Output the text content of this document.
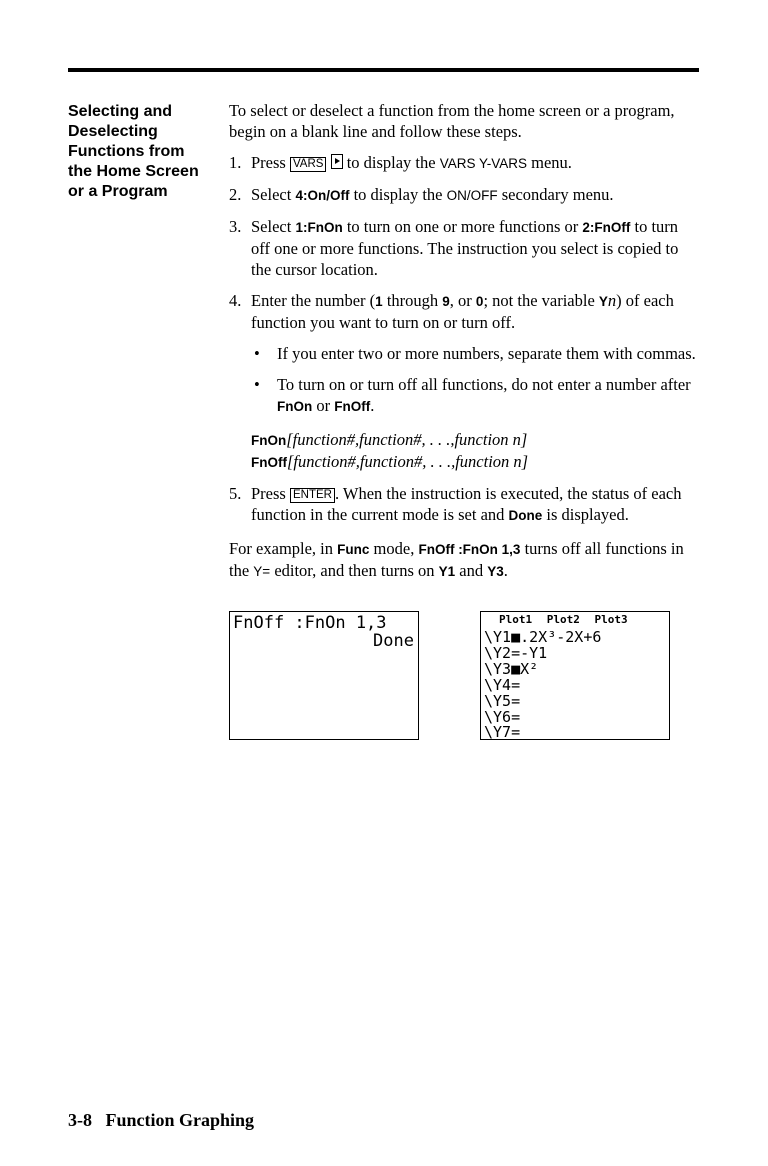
Selecting and
Deselecting
Functions from
the Home Screen
or a Program

To select or deselect a function from the home screen or a program, begin on a blank line and follow these steps.

1. Press VARS to display the VARS Y-VARS menu.

2. Select 4:On/Off to display the ON/OFF secondary menu.

3. Select 1:FnOn to turn on one or more functions or 2:FnOff to turn off one or more functions. The instruction you select is copied to the cursor location.

4. Enter the number (1 through 9, or 0; not the variable Yn) of each function you want to turn on or turn off.

• If you enter two or more numbers, separate them with commas.

• To turn on or turn off all functions, do not enter a number after FnOn or FnOff.

FnOn[function#,function#, . . .,function n]

FnOff[function#,function#, . . .,function n]

5. Press ENTER . When the instruction is executed, the status of each function in the current mode is set and Done is displayed.

For example, in Func mode, FnOff :FnOn 1,3 turns off all functions in the Y= editor, and then turns on Y1 and Y3.

FnOff :FnOn 1,3
Done
Plot1 Plot2 Plot3
\Y1■.2X³-2X+6
\Y2=-Y1
\Y3■X²
\Y4=
\Y5=
\Y6=
\Y7=
3-8   Function Graphing
